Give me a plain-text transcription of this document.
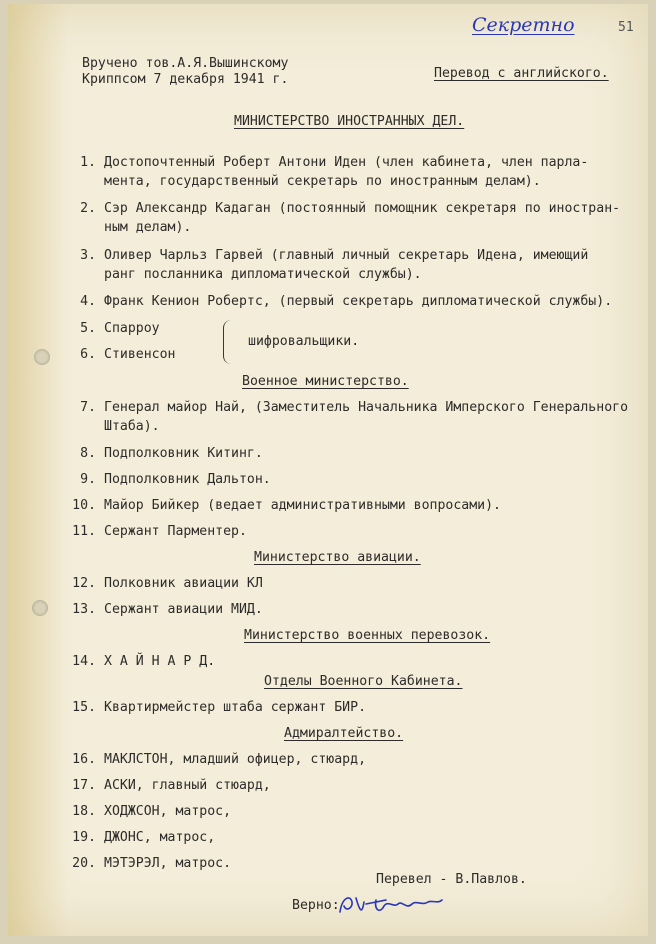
Секретно	51
Вручено тов.А.Я.Вышинскому
Криппсом 7 декабря 1941 г.	Перевод с английского.
МИНИСТЕРСТВО ИНОСТРАННЫХ ДЕЛ.
1. Достопочтенный Роберт Антони Иден (член кабинета, член парла-
мента, государственный секретарь по иностранным делам).
2. Сэр Александр Кадаган (постоянный помощник секретаря по иностран-
ным делам).
3. Оливер Чарльз Гарвей (главный личный секретарь Идена, имеющий
ранг посланника дипломатической службы).
4. Франк Кенион Робертс, (первый секретарь дипломатической службы).
5. Спарроу
6. Стивенсон
шифровальщики.
Военное министерство.
7. Генерал майор Най, (Заместитель Начальника Имперского Генерального
Штаба).
8. Подполковник Китинг.
9. Подполковник Дальтон.
10. Майор Бийкер (ведает административными вопросами).
11. Сержант Парментер.
Министерство авиации.
12. Полковник авиации КЛ
13. Сержант авиации МИД.
Министерство военных перевозок.
14. Х А Й Н А Р Д.
Отделы Военного Кабинета.
15. Квартирмейстер штаба сержант БИР.
Адмиралтейство.
16. МАКЛСТОН, младший офицер, стюард,
17. АСКИ, главный стюард,
18. ХОДЖСОН, матрос,
19. ДЖОНС, матрос,
20. МЭТЭРЭЛ, матрос.
Перевел - В.Павлов.
Верно:
